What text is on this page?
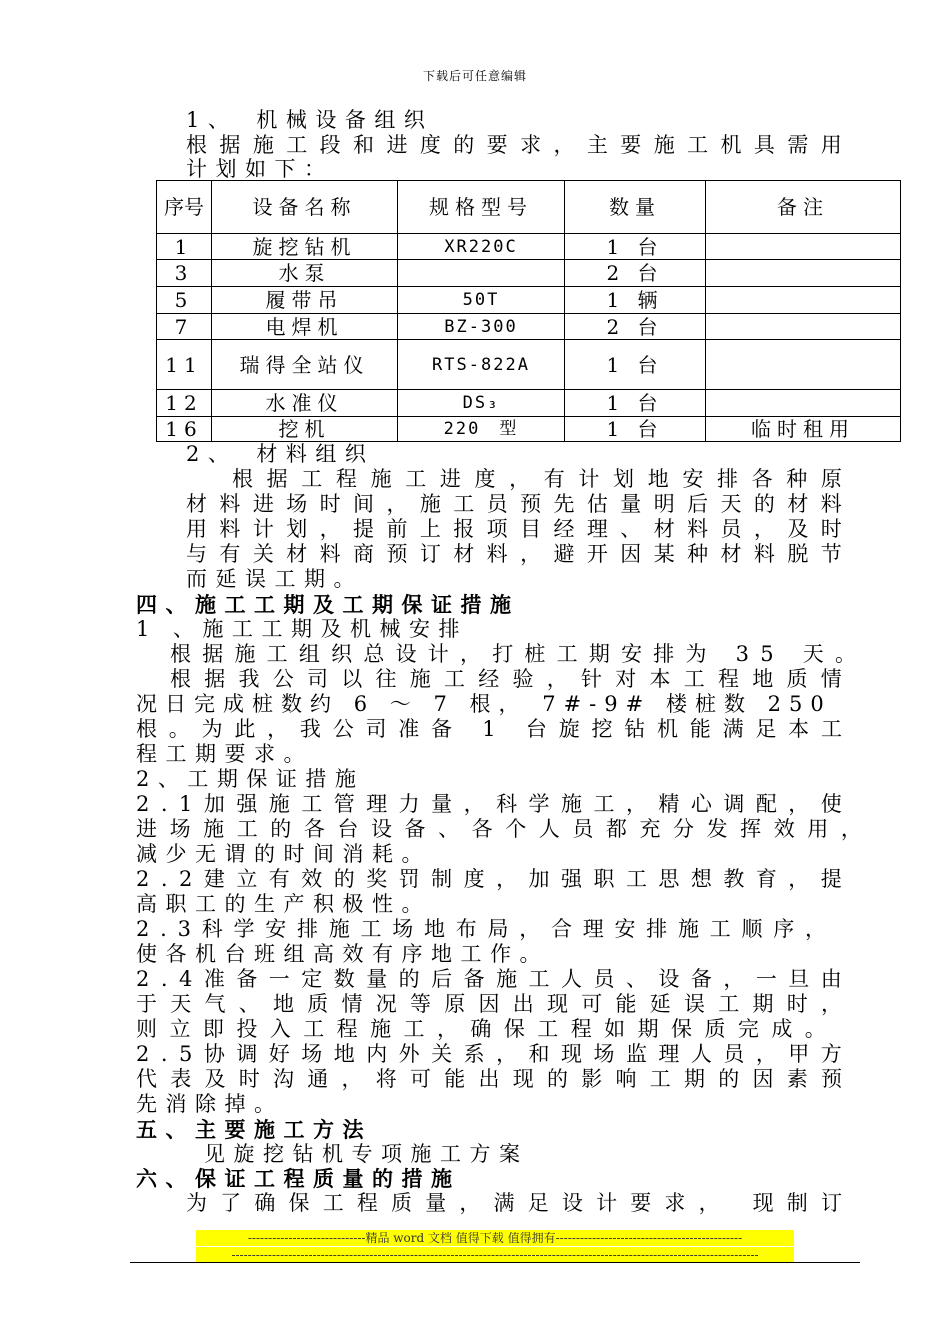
下载后可任意编辑
1、　机械设备组织
根 据 施 工 段 和 进 度 的 要 求 ， 主 要 施 工 机 具 需 用
计划如下：
序号	设备名称	规格型号	数量	备注
1	旋挖钻机	XR220C	1 台	
3	水泵		2 台	
5	履带吊	50T	1 辆	
7	电焊机	BZ-300	2 台	
11	瑞得全站仪	RTS-822A	1 台	
12	水准仪	DS₃	1 台	
16	挖机	220　型	1 台	临时租用
2、　材料组织
根 据 工 程 施 工 进 度 ， 有 计 划 地 安 排 各 种 原
材 料 进 场 时 间 ， 施 工 员 预 先 估 量 明 后 天 的 材 料
用 料 计 划 ， 提 前 上 报 项 目 经 理 、 材 料 员 ， 及 时
与 有 关 材 料 商 预 订 材 料 ， 避 开 因 某 种 材 料 脱 节
而延误工期。
四、施工工期及工期保证措施
1 、施工工期及机械安排
根 据 施 工 组 织 总 设 计 ， 打 桩 工 期 安 排 为
3 5
天 。
根 据 我 公 司 以 往 施 工 经 验 ， 针 对 本 工 程 地 质 情
况 日 完 成 桩 数 约
6
～
7
根 ，
7 # - 9 #
楼 桩 数
2 5 0
根 。 为 此 ， 我 公 司 准 备
1
台 旋 挖 钻 机 能 满 足 本 工
程工期要求。
2、工期保证措施
2 . 1 加 强 施 工 管 理 力 量 ， 科 学 施 工 ， 精 心 调 配 ， 使
进 场 施 工 的 各 台 设 备 、 各 个 人 员 都 充 分 发 挥 效 用 ，
减少无谓的时间消耗。
2 . 2 建 立 有 效 的 奖 罚 制 度 ， 加 强 职 工 思 想 教 育 ， 提
高职工的生产积极性。
2 . 3 科 学 安 排 施 工 场 地 布 局 ， 合 理 安 排 施 工 顺 序 ，
使各机台班组高效有序地工作。
2 . 4 准 备 一 定 数 量 的 后 备 施 工 人 员 、 设 备 ， 一 旦 由
于 天 气 、 地 质 情 况 等 原 因 出 现 可 能 延 误 工 期 时 ，
则 立 即 投 入 工 程 施 工 ， 确 保 工 程 如 期 保 质 完 成 。
2 . 5 协 调 好 场 地 内 外 关 系 ， 和 现 场 监 理 人 员 ， 甲 方
代 表 及 时 沟 通 ， 将 可 能 出 现 的 影 响 工 期 的 因 素 预
先消除掉。
五、主要施工方法
见旋挖钻机专项施工方案
六、保证工程质量的措施
为 了 确 保 工 程 质 量 ， 满 足 设 计 要 求 ，
现 制 订
-----------------------------精品 word 文档 值得下载 值得拥有----------------------------------------------
----------------------------------------------------------------------------------------------------------------------------------
